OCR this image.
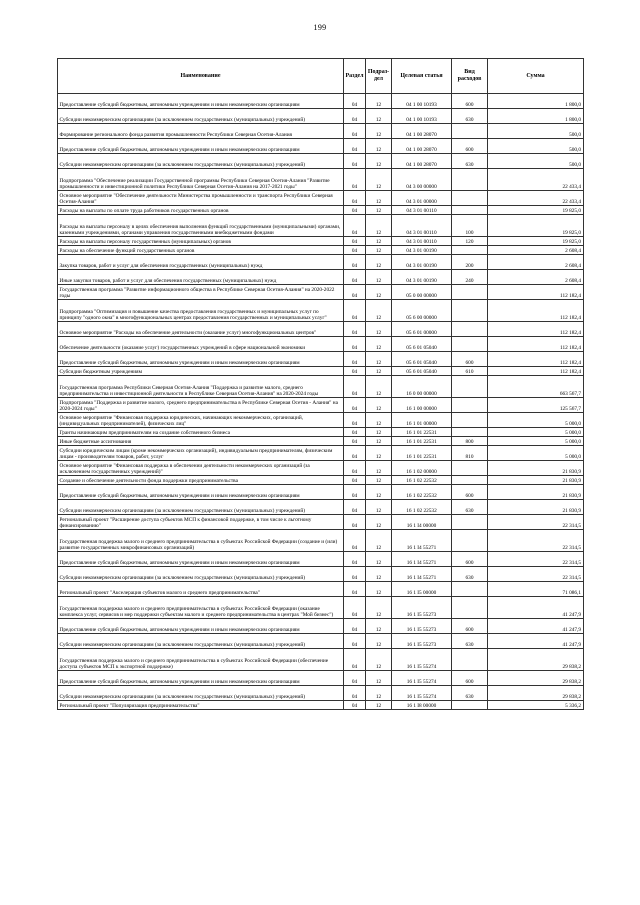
199
Наименование	Раздел	Подраз-дел	Целевая статья	Вид расходов	Сумма
Предоставление субсидий бюджетным, автономным учреждениям и иным некоммерческим организациям	04	12	04 1 00 10193	600	1 800,0
Субсидии некоммерческим организациям (за исключением государственных (муниципальных) учреждений)	04	12	04 1 00 10193	630	1 800,0
Формирование регионального фонда развития промышленности Республики Северная Осетия-Алания	04	12	04 1 00 28070		500,0
Предоставление субсидий бюджетным, автономным учреждениям и иным некоммерческим организациям	04	12	04 1 00 28070	600	500,0
Субсидии некоммерческим организациям (за исключением государственных (муниципальных) учреждений)	04	12	04 1 00 28070	630	500,0
Подпрограмма "Обеспечение реализации Государственной программы Республики Северная Осетия-Алания "Развитие промышленности и инвестиционной политики Республики Северная Осетия-Алания на 2017-2021 годы"	04	12	04 3 00 00000		22 433,4
Основное мероприятие "Обеспечение деятельности Министерства промышленности и транспорта Республики Северная Осетия-Алания"	04	12	04 3 01 00000		22 433,4
Расходы на выплаты по оплате труда работников государственных органов	04	12	04 3 01 00110		19 825,0
Расходы на выплаты персоналу в целях обеспечения выполнения функций государственными (муниципальными) органами, казенными учреждениями, органами управления государственными внебюджетными фондами	04	12	04 3 01 00110	100	19 825,0
Расходы на выплаты персоналу государственных (муниципальных) органов	04	12	04 3 01 00110	120	19 825,0
Расходы на обеспечение функций государственных органов	04	12	04 3 01 00190		2 608,4
Закупка товаров, работ и услуг для обеспечения государственных (муниципальных) нужд	04	12	04 3 01 00190	200	2 608,4
Иные закупки товаров, работ и услуг для обеспечения государственных (муниципальных) нужд	04	12	04 3 01 00190	240	2 608,4
Государственная программа "Развитие информационного общества в Республике Северная Осетия-Алания" на 2020-2022 годы	04	12	05 0 00 00000		112 182,4
Подпрограмма "Оптимизация и повышение качества предоставления государственных и муниципальных услуг по принципу "одного окна" в многофункциональных центрах предоставления государственных и муниципальных услуг"	04	12	05 6 00 00000		112 182,4
Основное мероприятие "Расходы на обеспечение деятельности (оказание услуг) многофункциональных центров"	04	12	05 6 01 00000		112 182,4
Обеспечение деятельности (оказание услуг) государственных учреждений в сфере национальной экономики	04	12	05 6 01 05040		112 182,4
Предоставление субсидий бюджетным, автономным учреждениям и иным некоммерческим организациям	04	12	05 6 01 05040	600	112 182,4
Субсидии бюджетным учреждениям	04	12	05 6 01 05040	610	112 182,4
Государственная программа Республики Северная Осетия-Алания "Поддержка и развитие малого, среднего предпринимательства и инвестиционной деятельности в Республике Северная Осетия-Алания" на 2020-2024 годы	04	12	16 0 00 00000		663 567,7
Подпрограмма "Поддержка и развитие малого, среднего предпринимательства в Республике Северная Осетия - Алания" на 2020-2024 годы"	04	12	16 1 00 00000		125 567,7
Основное мероприятие "Финансовая поддержка юридических, начинающих некоммерческих, организаций, (индивидуальных предпринимателей), физических лиц"	04	12	16 1 01 00000		5 000,0
Гранты начинающим предпринимателям на создание собственного бизнеса	04	12	16 1 01 22531		5 000,0
Иные бюджетные ассигнования	04	12	16 1 01 22531	800	5 000,0
Субсидии юридическим лицам (кроме некоммерческих организаций), индивидуальным предпринимателям, физическим лицам - производителям товаров, работ, услуг	04	12	16 1 01 22531	810	5 000,0
Основное мероприятие "Финансовая поддержка в обеспечении деятельности некоммерческих организаций (за исключением государственных учреждений)"	04	12	16 1 02 00000		21 830,9
Создание и обеспечение деятельности фонда поддержки предпринимательства	04	12	16 1 02 22532		21 830,9
Предоставление субсидий бюджетным, автономным учреждениям и иным некоммерческим организациям	04	12	16 1 02 22532	600	21 830,9
Субсидии некоммерческим организациям (за исключением государственных (муниципальных) учреждений)	04	12	16 1 02 22532	630	21 830,9
Региональный проект "Расширение доступа субъектов МСП к финансовой поддержке, в том числе к льготному финансированию"	04	12	16 1 I4 00000		22 314,5
Государственная поддержка малого и среднего предпринимательства в субъектах Российской Федерации (создание и (или) развитие государственных микрофинансовых организаций)	04	12	16 1 I4 55271		22 314,5
Предоставление субсидий бюджетным, автономным учреждениям и иным некоммерческим организациям	04	12	16 1 I4 55271	600	22 314,5
Субсидии некоммерческим организациям (за исключением государственных (муниципальных) учреждений)	04	12	16 1 I4 55271	630	22 314,5
Региональный проект "Акселерация субъектов малого и среднего предпринимательства"	04	12	16 1 I5 00000		71 086,1
Государственная поддержка малого и среднего предпринимательства в субъектах Российской Федерации (оказание комплекса услуг, сервисов и мер поддержки субъектам малого и среднего предпринимательства в центрах "Мой бизнес")	04	12	16 1 I5 55273		41 247,9
Предоставление субсидий бюджетным, автономным учреждениям и иным некоммерческим организациям	04	12	16 1 I5 55273	600	41 247,9
Субсидии некоммерческим организациям (за исключением государственных (муниципальных) учреждений)	04	12	16 1 I5 55273	630	41 247,9
Государственная поддержка малого и среднего предпринимательства в субъектах Российской Федерации (обеспечение доступа субъектов МСП к экспортной поддержке)	04	12	16 1 I5 55274		29 838,2
Предоставление субсидий бюджетным, автономным учреждениям и иным некоммерческим организациям	04	12	16 1 I5 55274	600	29 838,2
Субсидии некоммерческим организациям (за исключением государственных (муниципальных) учреждений)	04	12	16 1 I5 55274	630	29 838,2
Региональный проект "Популяризация предпринимательства"	04	12	16 1 I8 00000		5 336,2
